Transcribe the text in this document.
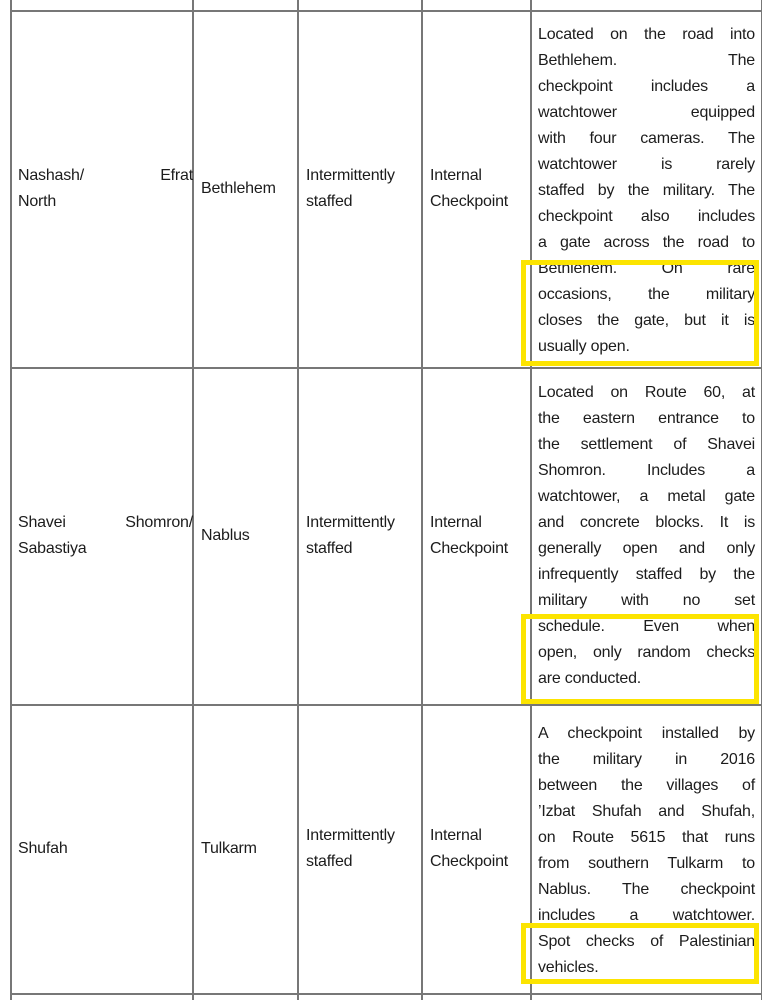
Nashash/ Efrat
North
Bethlehem
Intermittently staffed
Internal Checkpoint
Located on the road into
Bethlehem. The
checkpoint includes a
watchtower equipped
with four cameras. The
watchtower is rarely
staffed by the military. The
checkpoint also includes
a gate across the road to
Bethlehem. On rare
occasions, the military
closes the gate, but it is
usually open.
Shavei Shomron/
Sabastiya
Nablus
Intermittently staffed
Internal Checkpoint
Located on Route 60, at
the eastern entrance to
the settlement of Shavei
Shomron. Includes a
watchtower, a metal gate
and concrete blocks. It is
generally open and only
infrequently staffed by the
military with no set
schedule. Even when
open, only random checks
are conducted.
Shufah	Tulkarm
Intermittently staffed
Internal Checkpoint
A checkpoint installed by
the military in 2016
between the villages of
’Izbat Shufah and Shufah,
on Route 5615 that runs
from southern Tulkarm to
Nablus. The checkpoint
includes a watchtower.
Spot checks of Palestinian
vehicles.
